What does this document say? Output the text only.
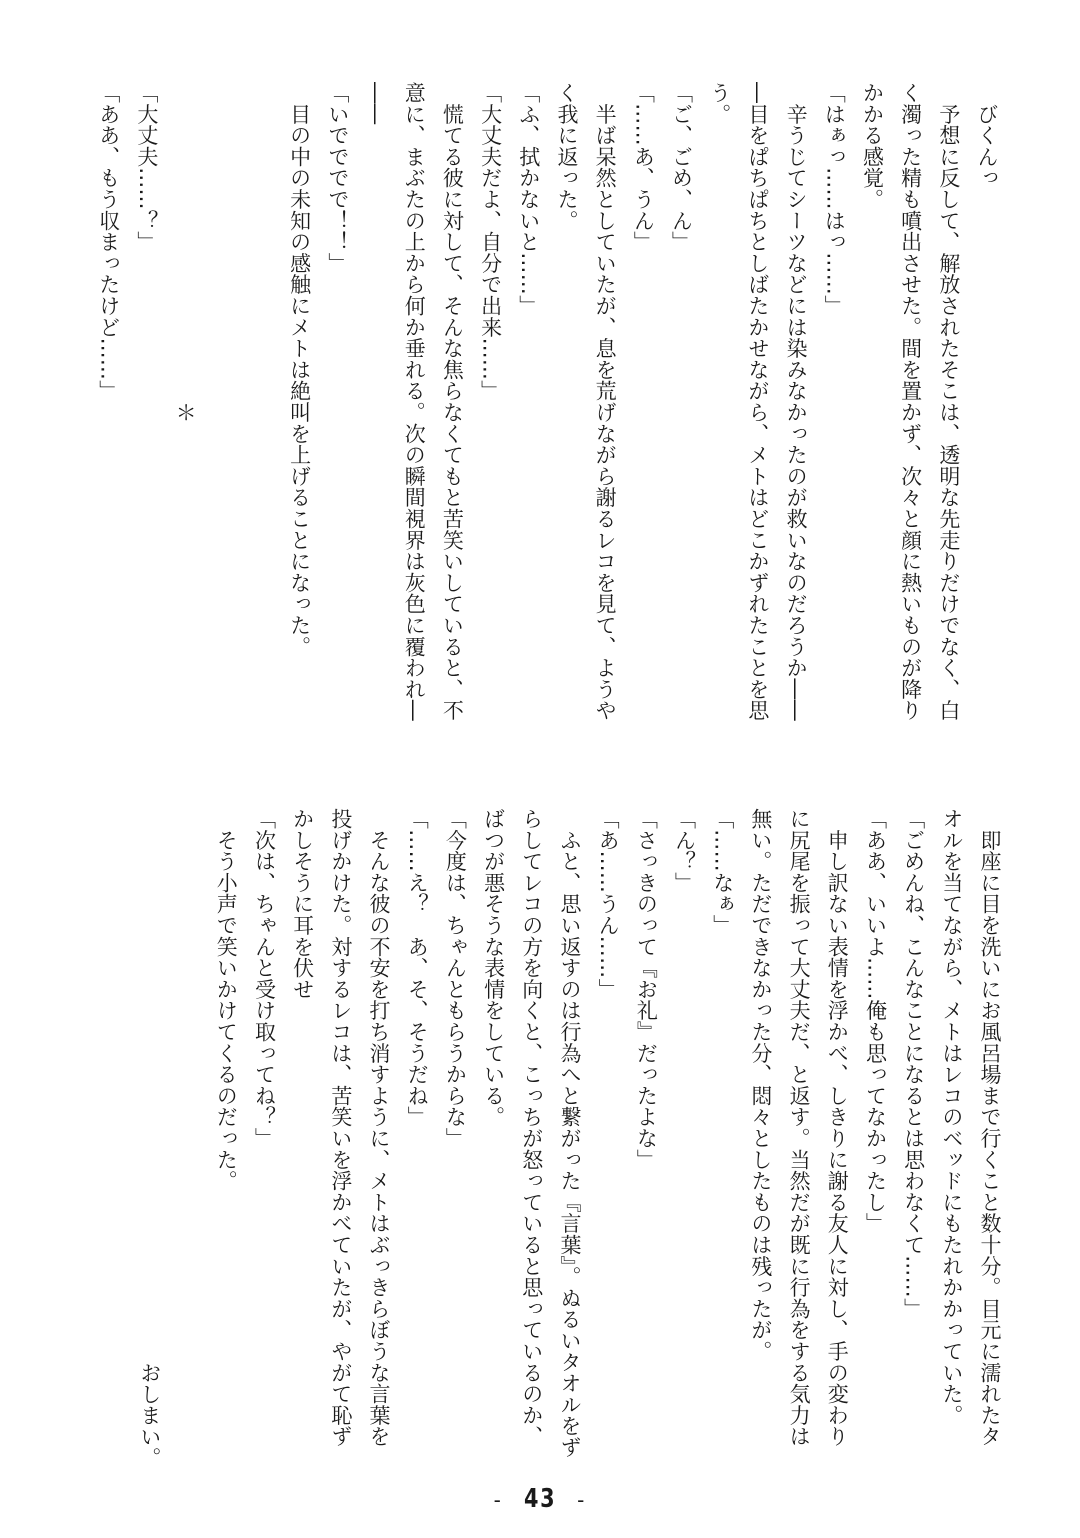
　びくんっ
　予想に反して、解放されたそこは、透明な先走りだけでなく、白
く濁った精も噴出させた。間を置かず、次々と顔に熱いものが降り
かかる感覚。
「はぁっ……はっ……」
　辛うじてシーツなどには染みなかったのが救いなのだろうか――
―目をぱちぱちとしばたかせながら、メトはどこかずれたことを思
う。
「ご、ごめ、ん」
「……あ、うん」
　半ば呆然としていたが、息を荒げながら謝るレコを見て、ようや
く我に返った。
「ふ、拭かないと……」
「大丈夫だよ、自分で出来……」
　慌てる彼に対して、そんな焦らなくてもと苦笑いしていると、不
意に、まぶたの上から何か垂れる。次の瞬間視界は灰色に覆われ―
――
「いでででで！！」
　目の中の未知の感触にメトは絶叫を上げることになった。

　　　　　　　　　　　　　　　＊
「大丈夫……？」
「ああ、もう収まったけど……」
　即座に目を洗いにお風呂場まで行くこと数十分。目元に濡れたタ
オルを当てながら、メトはレコのベッドにもたれかかっていた。
「ごめんね、こんなことになるとは思わなくて……」
「ああ、いいよ……俺も思ってなかったし」
　申し訳ない表情を浮かべ、しきりに謝る友人に対し、手の変わり
に尻尾を振って大丈夫だ、と返す。当然だが既に行為をする気力は
無い。ただできなかった分、悶々としたものは残ったが。
「……なぁ」
「ん？」
「さっきのって『お礼』だったよな」
「あ……うん……」
　ふと、思い返すのは行為へと繋がった『言葉』。ぬるいタオルをず
らしてレコの方を向くと、こっちが怒っていると思っているのか、
ばつが悪そうな表情をしている。
「今度は、ちゃんともらうからな」
「……え？　あ、そ、そうだね」
　そんな彼の不安を打ち消すように、メトはぶっきらぼうな言葉を
投げかけた。対するレコは、苦笑いを浮かべていたが、やがて恥ず
かしそうに耳を伏せ
「次は、ちゃんと受け取ってね？」
　そう小声で笑いかけてくるのだった。

おしまい。
- 43 -
